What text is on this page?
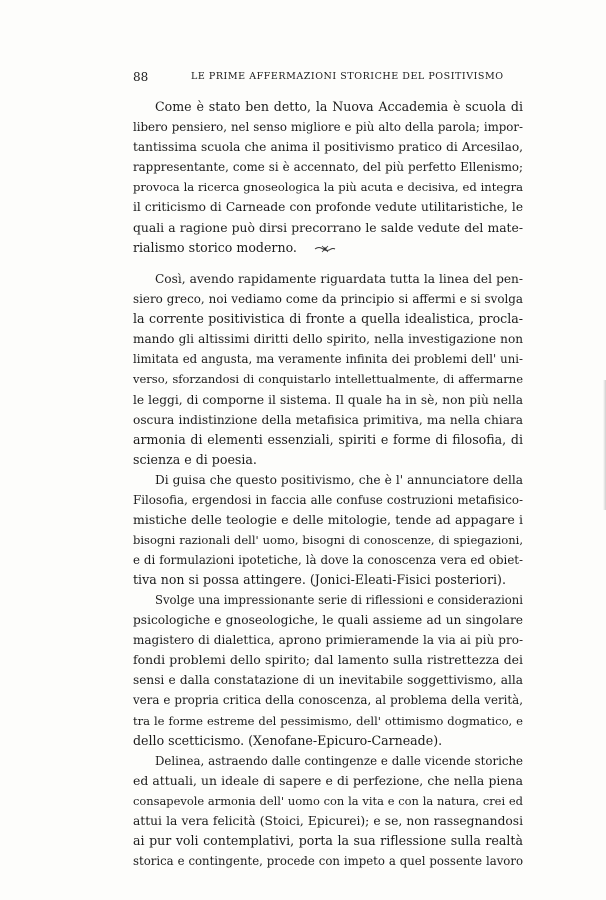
88	LE PRIME AFFERMAZIONI STORICHE DEL POSITIVISMO
Come è stato ben detto, la Nuova Accademia è scuola di
libero pensiero, nel senso migliore e più alto della parola; impor-
tantissima scuola che anima il positivismo pratico di Arcesilao,
rappresentante, come si è accennato, del più perfetto Ellenismo;
provoca la ricerca gnoseologica la più acuta e decisiva, ed integra
il criticismo di Carneade con profonde vedute utilitaristiche, le
quali a ragione può dirsi precorrano le salde vedute del mate-
rialismo storico moderno.
Così, avendo rapidamente riguardata tutta la linea del pen-
siero greco, noi vediamo come da principio si affermi e si svolga
la corrente positivistica di fronte a quella idealistica, procla-
mando gli altissimi diritti dello spirito, nella investigazione non
limitata ed angusta, ma veramente infinita dei problemi dell' uni-
verso, sforzandosi di conquistarlo intellettualmente, di affermarne
le leggi, di comporne il sistema. Il quale ha in sè, non più nella
oscura indistinzione della metafisica primitiva, ma nella chiara
armonia di elementi essenziali, spiriti e forme di filosofia, di
scienza e di poesia.
Di guisa che questo positivismo, che è l' annunciatore della
Filosofia, ergendosi in faccia alle confuse costruzioni metafisico-
mistiche delle teologie e delle mitologie, tende ad appagare i
bisogni razionali dell' uomo, bisogni di conoscenze, di spiegazioni,
e di formulazioni ipotetiche, là dove la conoscenza vera ed obiet-
tiva non si possa attingere. (Jonici-Eleati-Fisici posteriori).
Svolge una impressionante serie di riflessioni e considerazioni
psicologiche e gnoseologiche, le quali assieme ad un singolare
magistero di dialettica, aprono primieramende la via ai più pro-
fondi problemi dello spirito; dal lamento sulla ristrettezza dei
sensi e dalla constatazione di un inevitabile soggettivismo, alla
vera e propria critica della conoscenza, al problema della verità,
tra le forme estreme del pessimismo, dell' ottimismo dogmatico, e
dello scetticismo. (Xenofane-Epicuro-Carneade).
Delinea, astraendo dalle contingenze e dalle vicende storiche
ed attuali, un ideale di sapere e di perfezione, che nella piena
consapevole armonia dell' uomo con la vita e con la natura, crei ed
attui la vera felicità (Stoici, Epicurei); e se, non rassegnandosi
ai pur voli contemplativi, porta la sua riflessione sulla realtà
storica e contingente, procede con impeto a quel possente lavoro
